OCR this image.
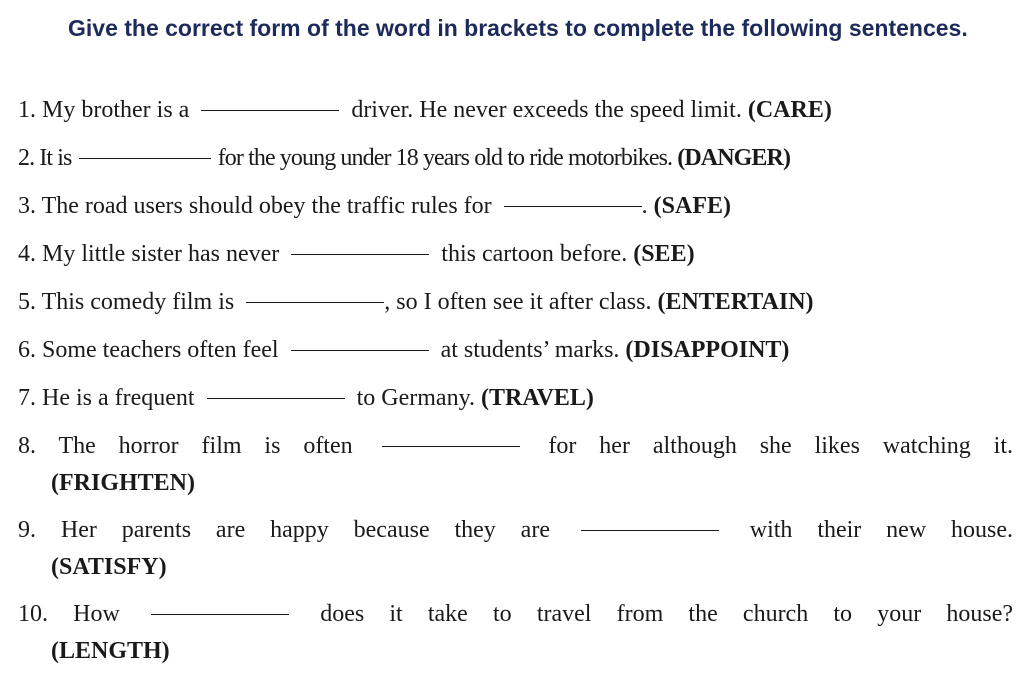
Give the correct form of the word in brackets to complete the following sentences.

1. My brother is a	driver. He never exceeds the speed limit. (CARE)

2. It is	for the young under 18 years old to ride motorbikes. (DANGER)

3. The road users should obey the traffic rules for	. (SAFE)

4. My little sister has never	this cartoon before. (SEE)

5. This comedy film is	, so I often see it after class. (ENTERTAIN)

6. Some teachers often feel	at students’ marks. (DISAPPOINT)

7. He is a frequent	to Germany. (TRAVEL)

8. The horror film is often	for her although she likes watching it.
(FRIGHTEN)

9. Her parents are happy because they are	with their new house.
(SATISFY)

10. How	does it take to travel from the church to your house?
(LENGTH)
